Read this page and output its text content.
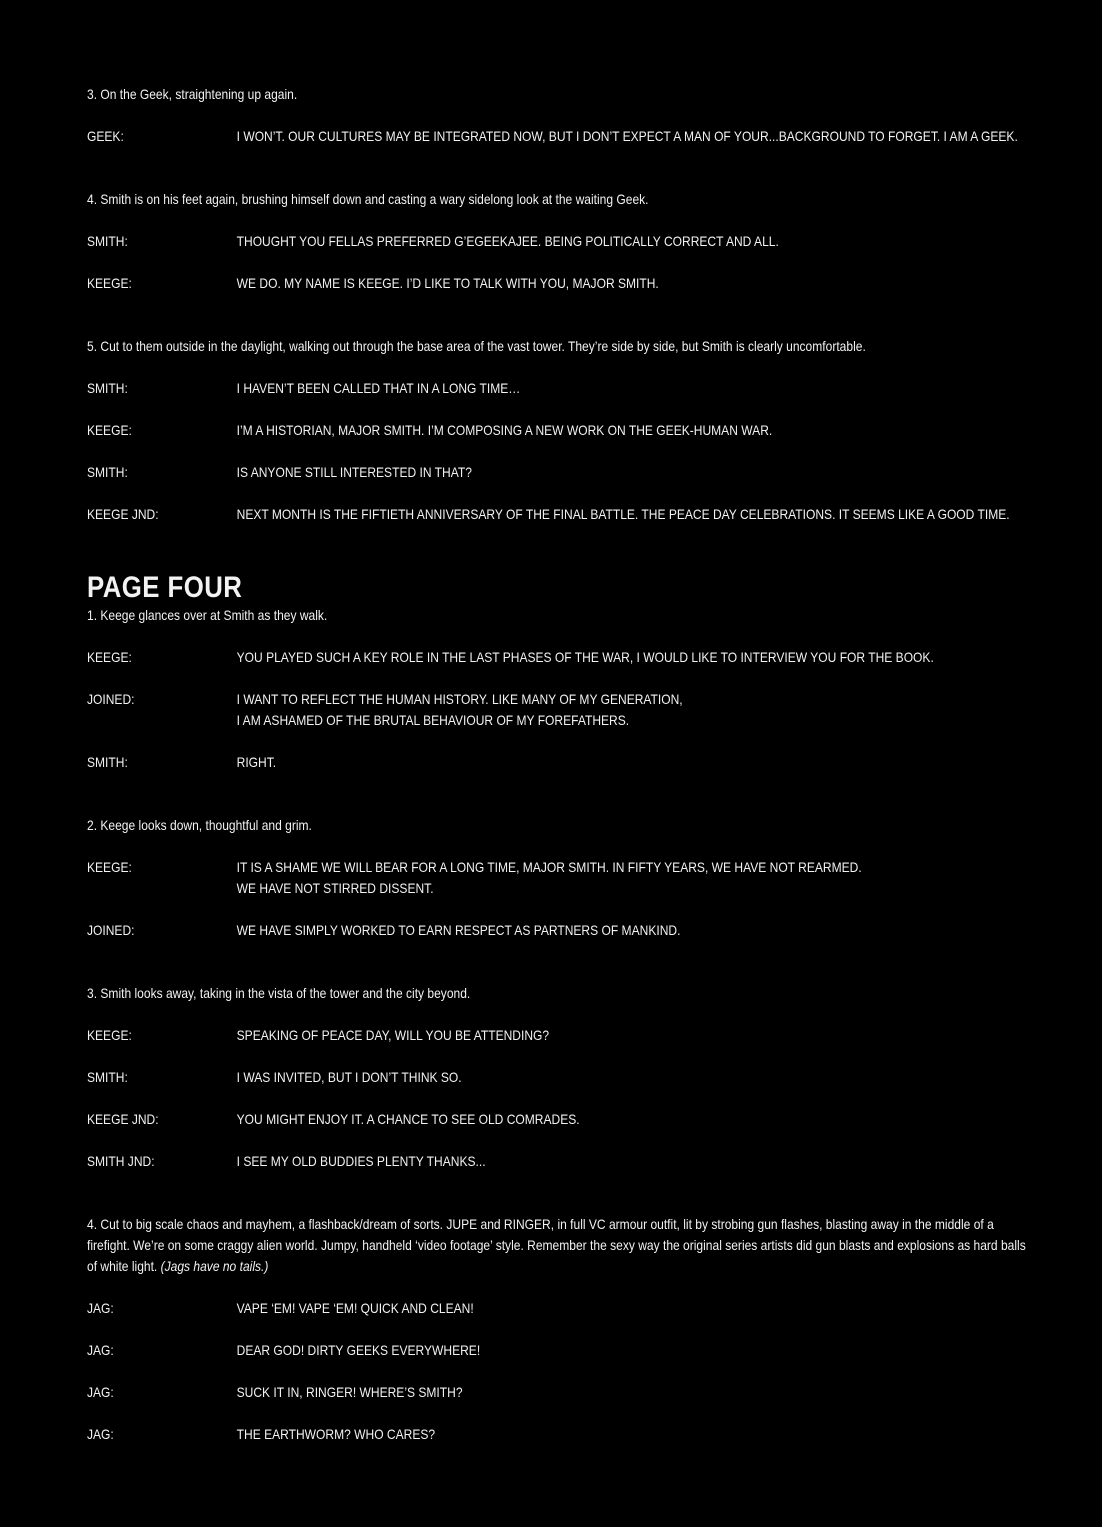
3. On the Geek, straightening up again.

GEEK:	I WON’T. OUR CULTURES MAY BE INTEGRATED NOW, BUT I DON’T EXPECT A MAN OF YOUR...BACKGROUND TO FORGET. I AM A GEEK.

4. Smith is on his feet again, brushing himself down and casting a wary sidelong look at the waiting Geek.

SMITH:	THOUGHT YOU FELLAS PREFERRED G’EGEEKAJEE. BEING POLITICALLY CORRECT AND ALL.
KEEGE:	WE DO. MY NAME IS KEEGE. I’D LIKE TO TALK WITH YOU, MAJOR SMITH.

5. Cut to them outside in the daylight, walking out through the base area of the vast tower. They’re side by side, but Smith is clearly uncomfortable.

SMITH:	I HAVEN’T BEEN CALLED THAT IN A LONG TIME…
KEEGE:	I’M A HISTORIAN, MAJOR SMITH. I’M COMPOSING A NEW WORK ON THE GEEK-HUMAN WAR.
SMITH:	IS ANYONE STILL INTERESTED IN THAT?
KEEGE JND:	NEXT MONTH IS THE FIFTIETH ANNIVERSARY OF THE FINAL BATTLE. THE PEACE DAY CELEBRATIONS. IT SEEMS LIKE A GOOD TIME.
PAGE FOUR

1. Keege glances over at Smith as they walk.

KEEGE:	YOU PLAYED SUCH A KEY ROLE IN THE LAST PHASES OF THE WAR, I WOULD LIKE TO INTERVIEW YOU FOR THE BOOK.
JOINED:	I WANT TO REFLECT THE HUMAN HISTORY. LIKE MANY OF MY GENERATION,
I AM ASHAMED OF THE BRUTAL BEHAVIOUR OF MY FOREFATHERS.
SMITH:	RIGHT.

2. Keege looks down, thoughtful and grim.

KEEGE:	IT IS A SHAME WE WILL BEAR FOR A LONG TIME, MAJOR SMITH. IN FIFTY YEARS, WE HAVE NOT REARMED.
WE HAVE NOT STIRRED DISSENT.
JOINED:	WE HAVE SIMPLY WORKED TO EARN RESPECT AS PARTNERS OF MANKIND.

3. Smith looks away, taking in the vista of the tower and the city beyond.

KEEGE:	SPEAKING OF PEACE DAY, WILL YOU BE ATTENDING?
SMITH:	I WAS INVITED, BUT I DON’T THINK SO.
KEEGE JND:	YOU MIGHT ENJOY IT. A CHANCE TO SEE OLD COMRADES.
SMITH JND:	I SEE MY OLD BUDDIES PLENTY THANKS...

4. Cut to big scale chaos and mayhem, a flashback/dream of sorts. JUPE and RINGER, in full VC armour outfit, lit by strobing gun flashes, blasting away in the middle of a firefight. We’re on some craggy alien world. Jumpy, handheld ‘video footage’ style. Remember the sexy way the original series artists did gun blasts and explosions as hard balls of white light. (Jags have no tails.)

JAG:	VAPE ‘EM! VAPE ‘EM! QUICK AND CLEAN!
JAG:	DEAR GOD! DIRTY GEEKS EVERYWHERE!
JAG:	SUCK IT IN, RINGER! WHERE’S SMITH?
JAG:	THE EARTHWORM? WHO CARES?
